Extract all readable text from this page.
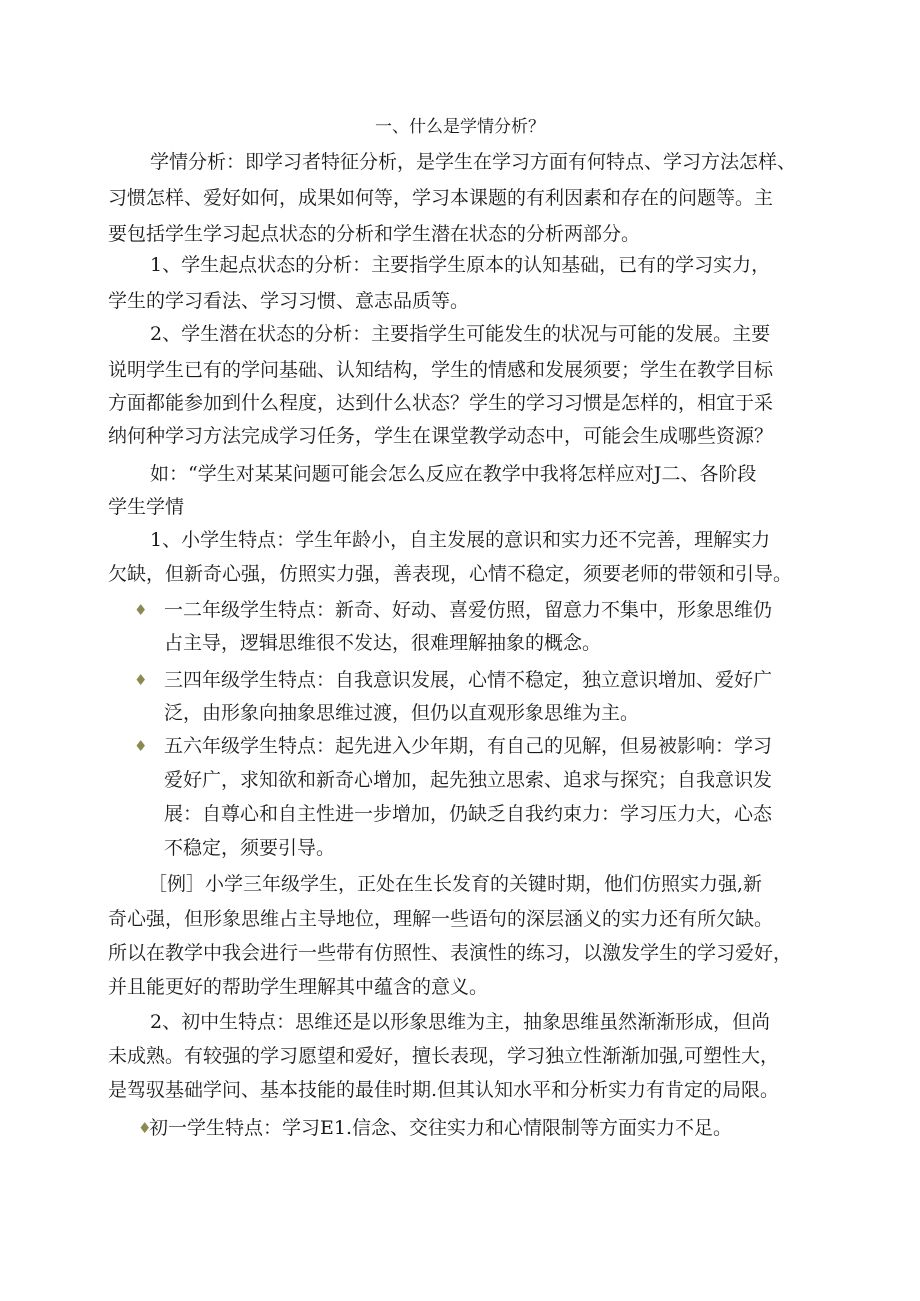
一、什么是学情分析？
学情分析：即学习者特征分析，是学生在学习方面有何特点、学习方法怎样、
习惯怎样、爱好如何，成果如何等，学习本课题的有利因素和存在的问题等。主
要包括学生学习起点状态的分析和学生潜在状态的分析两部分。
1、学生起点状态的分析：主要指学生原本的认知基础，已有的学习实力，
学生的学习看法、学习习惯、意志品质等。
2、学生潜在状态的分析：主要指学生可能发生的状况与可能的发展。主要
说明学生已有的学问基础、认知结构，学生的情感和发展须要；学生在教学目标
方面都能参加到什么程度，达到什么状态？学生的学习习惯是怎样的，相宜于采
纳何种学习方法完成学习任务，学生在课堂教学动态中，可能会生成哪些资源？
如：“学生对某某问题可能会怎么反应在教学中我将怎样应对J二、各阶段
学生学情
1、小学生特点：学生年龄小，自主发展的意识和实力还不完善，理解实力
欠缺，但新奇心强，仿照实力强，善表现，心情不稳定，须要老师的带领和引导。
♦ 一二年级学生特点：新奇、好动、喜爱仿照，留意力不集中，形象思维仍
占主导，逻辑思维很不发达，很难理解抽象的概念。
♦ 三四年级学生特点：自我意识发展，心情不稳定，独立意识增加、爱好广
泛，由形象向抽象思维过渡，但仍以直观形象思维为主。
♦ 五六年级学生特点：起先进入少年期，有自己的见解，但易被影响：学习
爱好广，求知欲和新奇心增加，起先独立思索、追求与探究；自我意识发
展：自尊心和自主性进一步增加，仍缺乏自我约束力：学习压力大，心态
不稳定，须要引导。
［例］小学三年级学生，正处在生长发育的关键时期，他们仿照实力强,新
奇心强，但形象思维占主导地位，理解一些语句的深层涵义的实力还有所欠缺。
所以在教学中我会进行一些带有仿照性、表演性的练习，以激发学生的学习爱好，
并且能更好的帮助学生理解其中蕴含的意义。
2、初中生特点：思维还是以形象思维为主，抽象思维虽然渐渐形成，但尚
未成熟。有较强的学习愿望和爱好，擅长表现，学习独立性渐渐加强,可塑性大，
是驾驭基础学问、基本技能的最佳时期.但其认知水平和分析实力有肯定的局限。
♦
初一学生特点：学习E1.信念、交往实力和心情限制等方面实力不足。
